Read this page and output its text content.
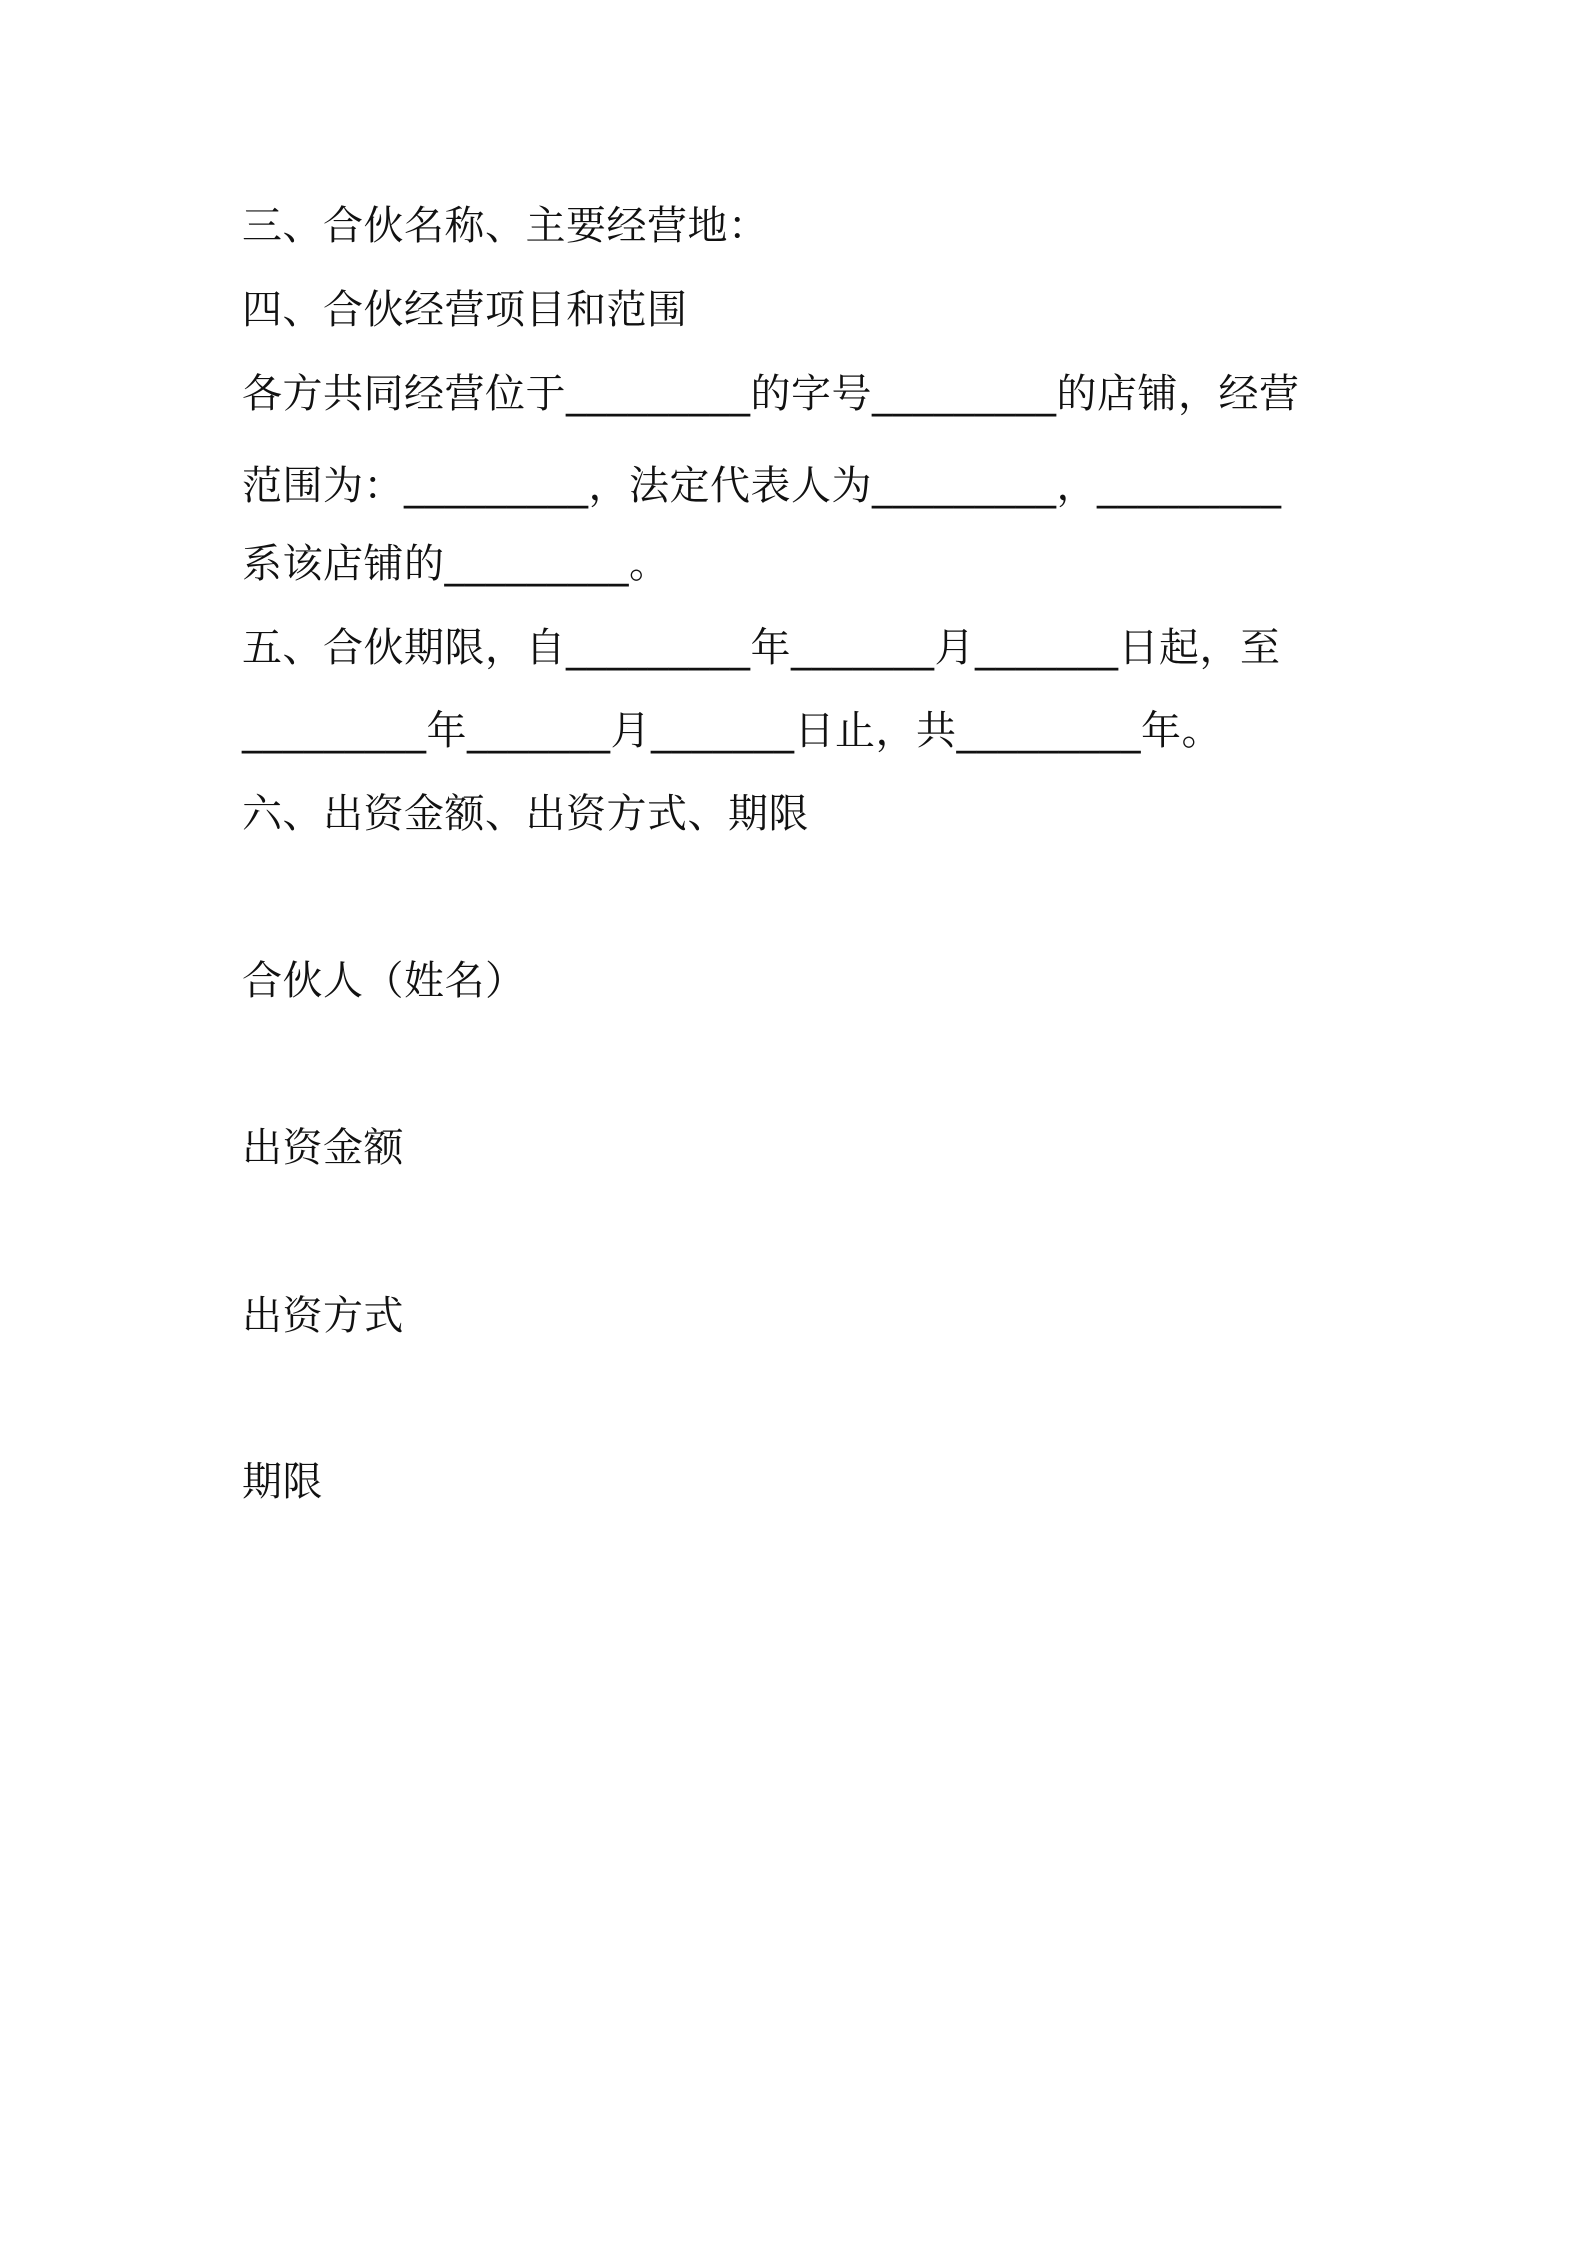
三、合伙名称、主要经营地：

四、合伙经营项目和范围

各方共同经营位于_________的字号_________的店铺，经营

范围为：_________，法定代表人为_________，_________

系该店铺的_________。

五、合伙期限，自_________年_______月_______日起，至

_________年_______月_______日止，共_________年。

六、出资金额、出资方式、期限

合伙人（姓名）

出资金额

出资方式

期限
